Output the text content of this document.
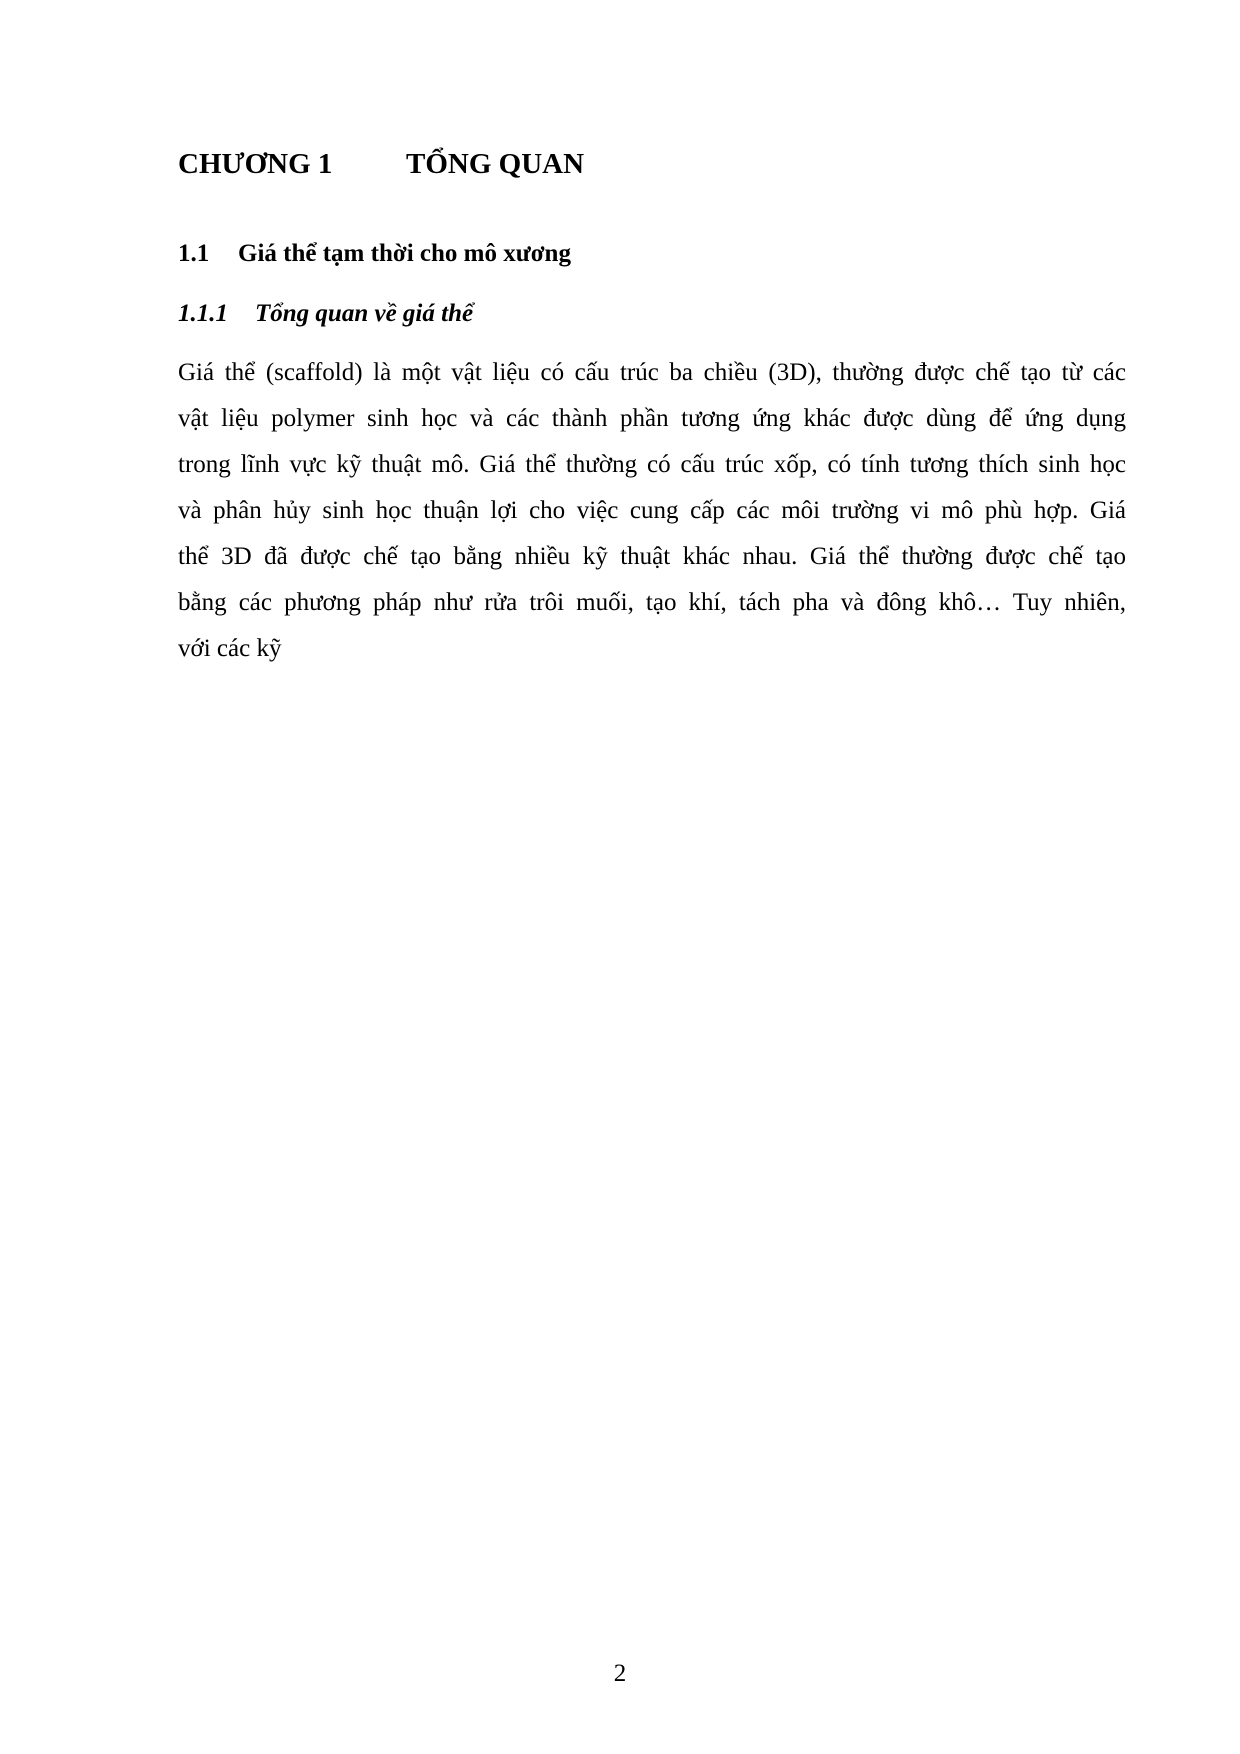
CHƯƠNG 1	TỔNG QUAN
1.1 Giá thể tạm thời cho mô xương
1.1.1 Tổng quan về giá thể
Giá thể (scaffold) là một vật liệu có cấu trúc ba chiều (3D), thường được chế tạo từ các
vật liệu polymer sinh học và các thành phần tương ứng khác được dùng để ứng dụng
trong lĩnh vực kỹ thuật mô. Giá thể thường có cấu trúc xốp, có tính tương thích sinh học
và phân hủy sinh học thuận lợi cho việc cung cấp các môi trường vi mô phù hợp. Giá
thể 3D đã được chế tạo bằng nhiều kỹ thuật khác nhau. Giá thể thường được chế tạo
bằng các phương pháp như rửa trôi muối, tạo khí, tách pha và đông khô… Tuy nhiên,
với các kỹ
2
